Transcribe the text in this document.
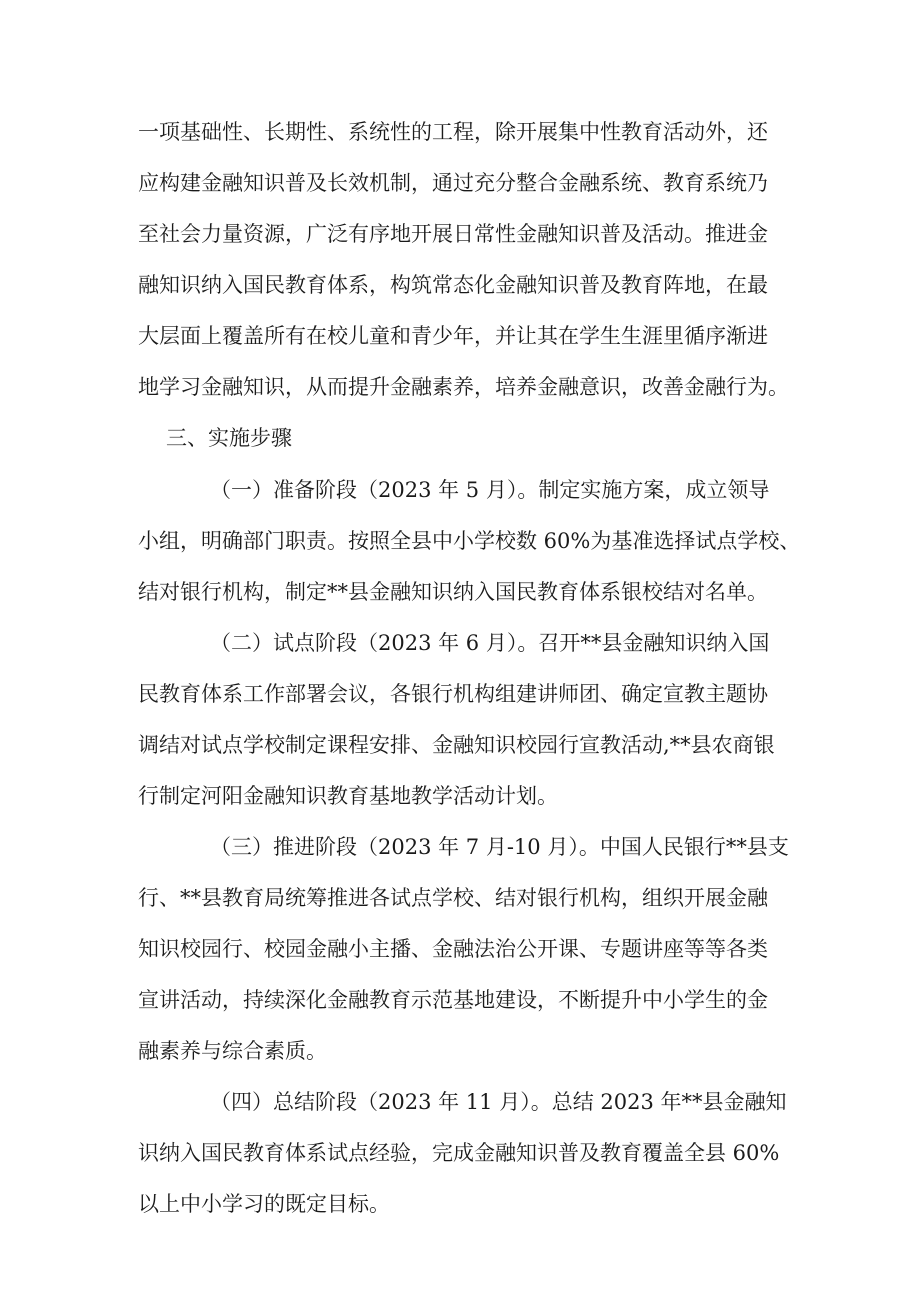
一项基础性、长期性、系统性的工程，除开展集中性教育活动外，还
应构建金融知识普及长效机制，通过充分整合金融系统、教育系统乃
至社会力量资源，广泛有序地开展日常性金融知识普及活动。推进金
融知识纳入国民教育体系，构筑常态化金融知识普及教育阵地，在最
大层面上覆盖所有在校儿童和青少年，并让其在学生生涯里循序渐进
地学习金融知识，从而提升金融素养，培养金融意识，改善金融行为。
三、实施步骤
（一）准备阶段（2023 年 5 月）。制定实施方案，成立领导
小组，明确部门职责。按照全县中小学校数 60%为基准选择试点学校、
结对银行机构，制定**县金融知识纳入国民教育体系银校结对名单。
（二）试点阶段（2023 年 6 月）。召开**县金融知识纳入国
民教育体系工作部署会议，各银行机构组建讲师团、确定宣教主题协
调结对试点学校制定课程安排、金融知识校园行宣教活动,**县农商银
行制定河阳金融知识教育基地教学活动计划。
（三）推进阶段（2023 年 7 月-10 月）。中国人民银行**县支
行、**县教育局统筹推进各试点学校、结对银行机构，组织开展金融
知识校园行、校园金融小主播、金融法治公开课、专题讲座等等各类
宣讲活动，持续深化金融教育示范基地建设，不断提升中小学生的金
融素养与综合素质。
（四）总结阶段（2023 年 11 月）。总结 2023 年**县金融知
识纳入国民教育体系试点经验，完成金融知识普及教育覆盖全县 60%
以上中小学习的既定目标。
